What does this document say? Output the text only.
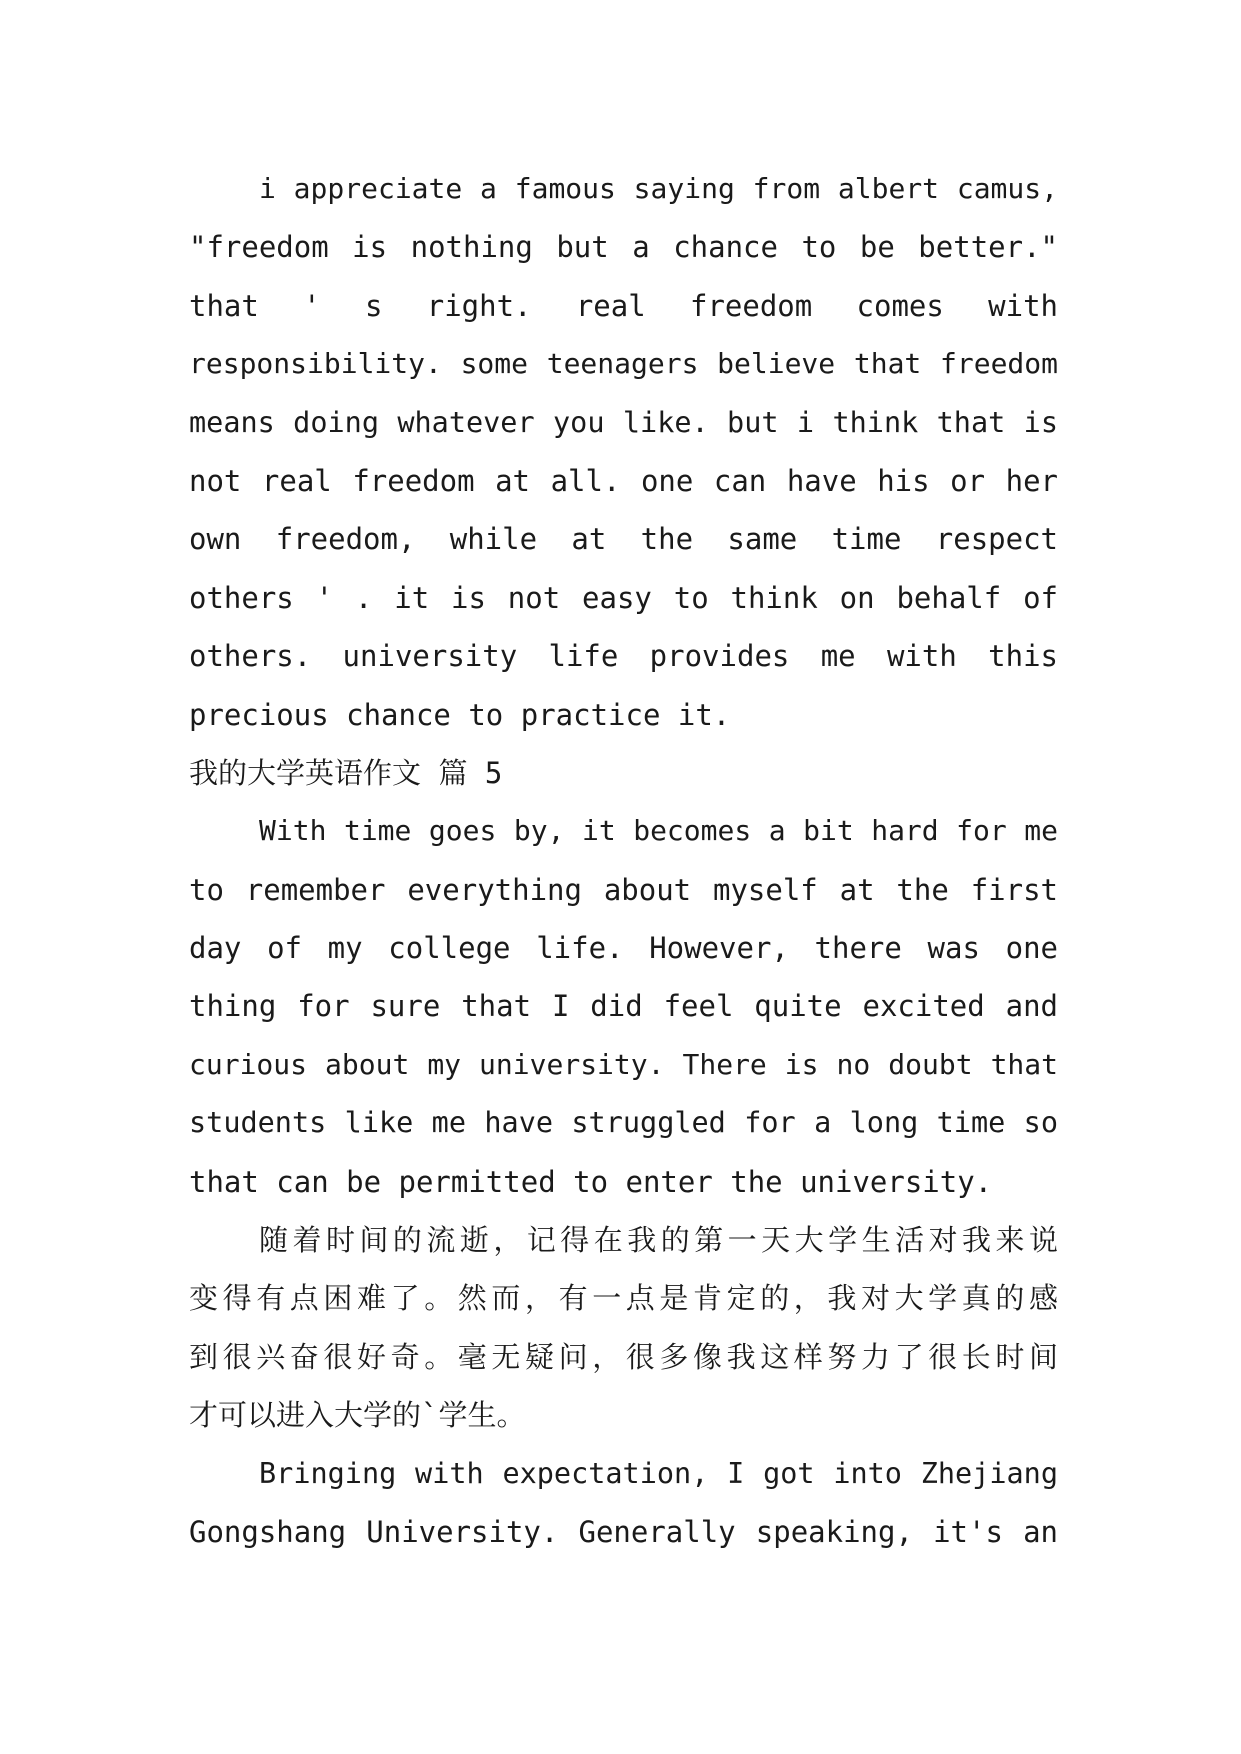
i appreciate a famous saying from albert camus,
"freedom is nothing but a chance to be better."
that ' s right. real freedom comes with
responsibility. some teenagers believe that freedom
means doing whatever you like. but i think that is
not real freedom at all. one can have his or her
own freedom, while at the same time respect
others ' . it is not easy to think on behalf of
others. university life provides me with this
precious chance to practice it.
我的大学英语作文 篇 5
With time goes by, it becomes a bit hard for me
to remember everything about myself at the first
day of my college life. However, there was one
thing for sure that I did feel quite excited and
curious about my university. There is no doubt that
students like me have struggled for a long time so
that can be permitted to enter the university.
随着时间的流逝，记得在我的第一天大学生活对我来说
变得有点困难了。然而，有一点是肯定的，我对大学真的感
到很兴奋很好奇。毫无疑问，很多像我这样努力了很长时间
才可以进入大学的`学生。
Bringing with expectation, I got into Zhejiang
Gongshang University. Generally speaking, it's an
